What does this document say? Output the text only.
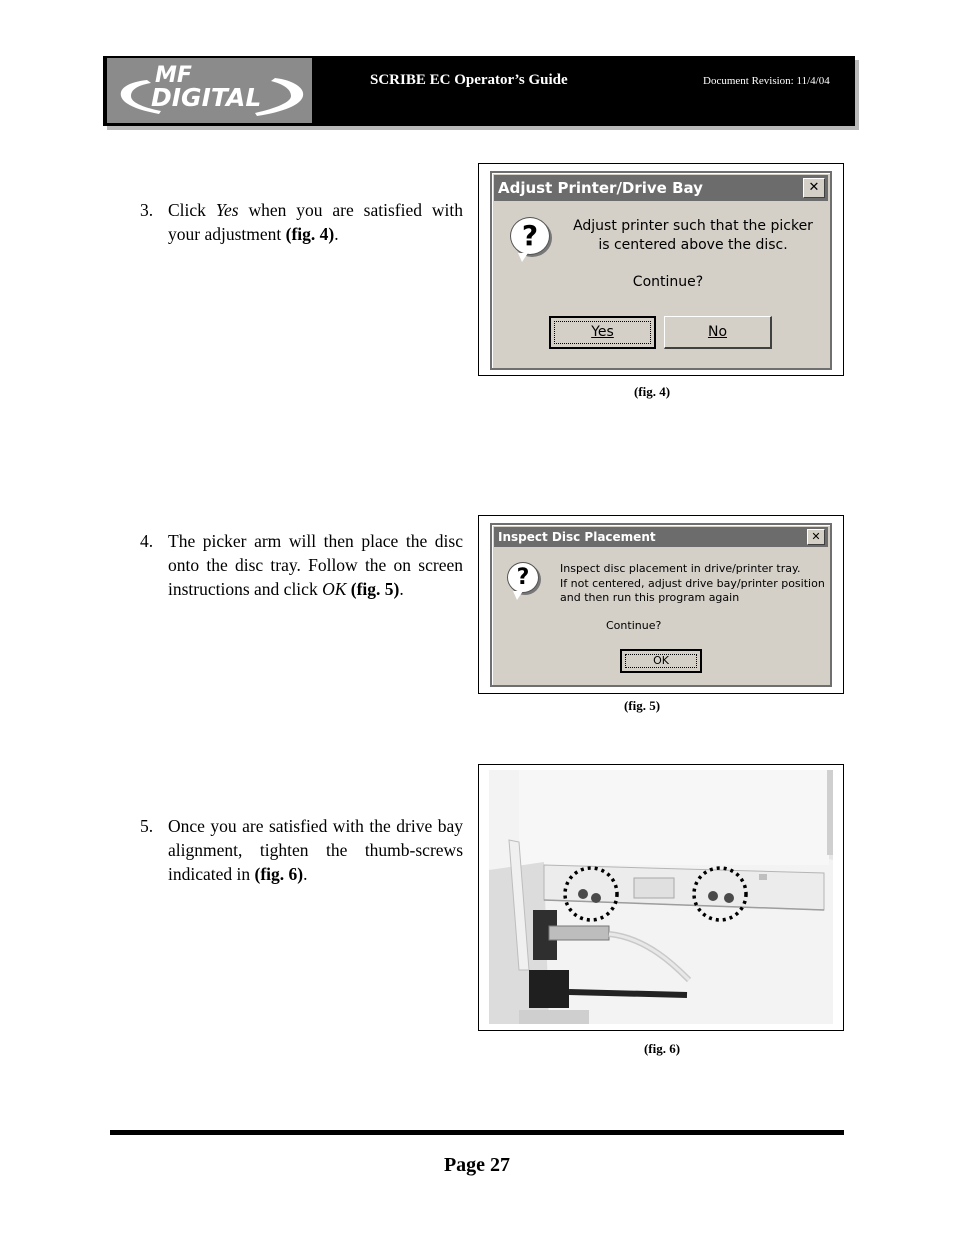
MF
DIGITAL
SCRIBE EC Operator’s Guide	Document Revision: 11/4/04
3. Click Yes when you are satisfied with your adjustment (fig. 4).
Adjust Printer/Drive Bay	✕
?	Adjust printer such that the picker
is centered above the disc.
Continue?
Yes	No
(fig. 4)
4. The picker arm will then place the disc onto the disc tray. Follow the on screen instructions and click OK (fig. 5).
Inspect Disc Placement	✕
?	Inspect disc placement in drive/printer tray.
If not centered, adjust drive bay/printer position
and then run this program again
Continue?
OK
(fig. 5)
5. Once you are satisfied with the drive bay alignment, tighten the thumb-screws indicated in (fig. 6).
(fig. 6)
Page 27
